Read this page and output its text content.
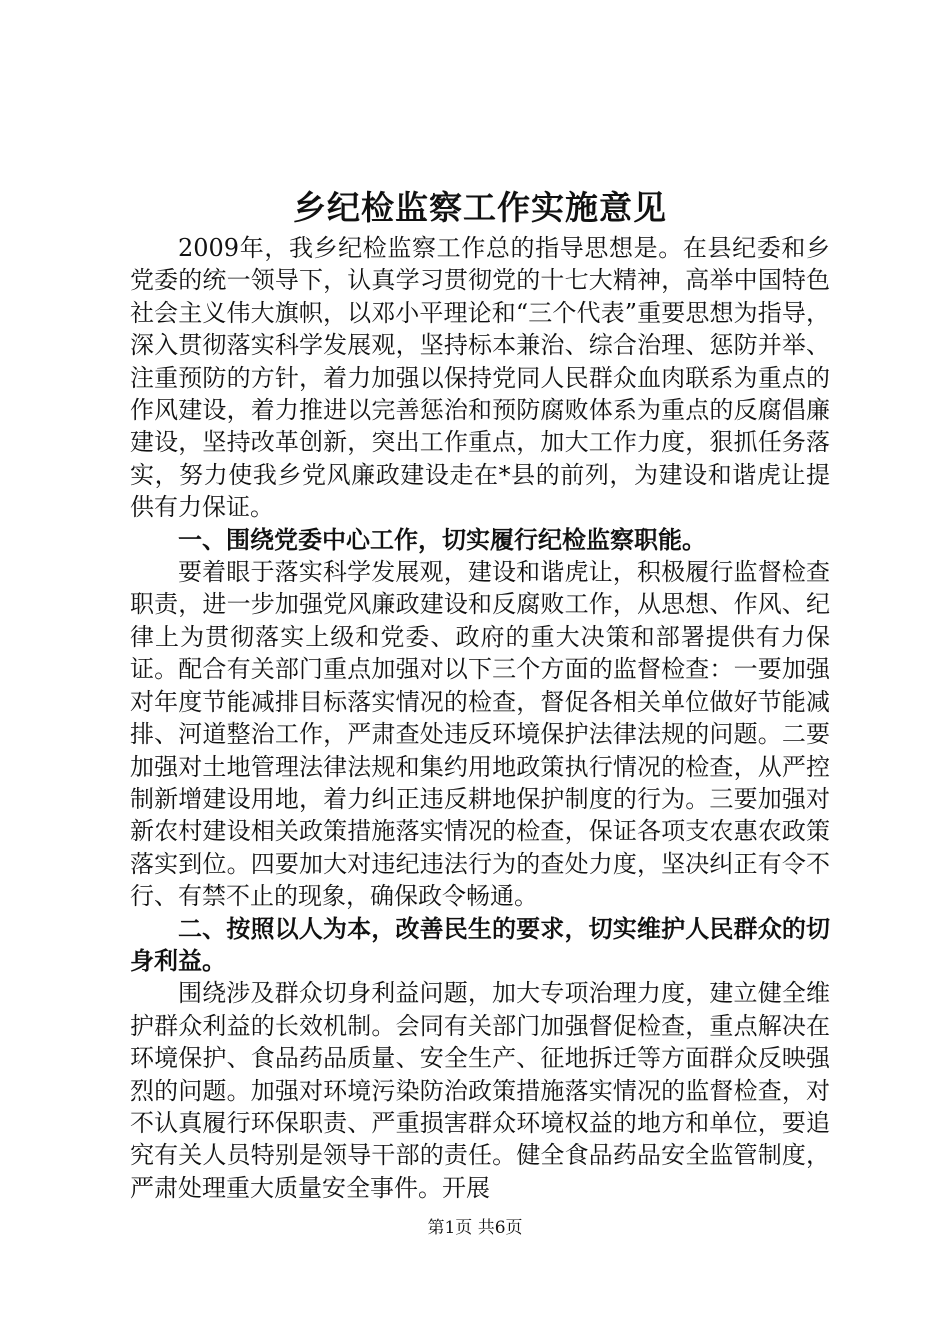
乡纪检监察工作实施意见

2009年，我乡纪检监察工作总的指导思想是。在县纪委和乡党委的统一领导下，认真学习贯彻党的十七大精神，高举中国特色社会主义伟大旗帜，以邓小平理论和“三个代表”重要思想为指导，深入贯彻落实科学发展观，坚持标本兼治、综合治理、惩防并举、注重预防的方针，着力加强以保持党同人民群众血肉联系为重点的作风建设，着力推进以完善惩治和预防腐败体系为重点的反腐倡廉建设，坚持改革创新，突出工作重点，加大工作力度，狠抓任务落实，努力使我乡党风廉政建设走在*县的前列，为建设和谐虎让提供有力保证。

一、围绕党委中心工作，切实履行纪检监察职能。

要着眼于落实科学发展观，建设和谐虎让，积极履行监督检查职责，进一步加强党风廉政建设和反腐败工作，从思想、作风、纪律上为贯彻落实上级和党委、政府的重大决策和部署提供有力保证。配合有关部门重点加强对以下三个方面的监督检查：一要加强对年度节能减排目标落实情况的检查，督促各相关单位做好节能减排、河道整治工作，严肃查处违反环境保护法律法规的问题。二要加强对土地管理法律法规和集约用地政策执行情况的检查，从严控制新增建设用地，着力纠正违反耕地保护制度的行为。三要加强对新农村建设相关政策措施落实情况的检查，保证各项支农惠农政策落实到位。四要加大对违纪违法行为的查处力度，坚决纠正有令不行、有禁不止的现象，确保政令畅通。

二、按照以人为本，改善民生的要求，切实维护人民群众的切身利益。

围绕涉及群众切身利益问题，加大专项治理力度，建立健全维护群众利益的长效机制。会同有关部门加强督促检查，重点解决在环境保护、食品药品质量、安全生产、征地拆迁等方面群众反映强烈的问题。加强对环境污染防治政策措施落实情况的监督检查，对不认真履行环保职责、严重损害群众环境权益的地方和单位，要追究有关人员特别是领导干部的责任。健全食品药品安全监管制度，严肃处理重大质量安全事件。开展

第1页 共6页
